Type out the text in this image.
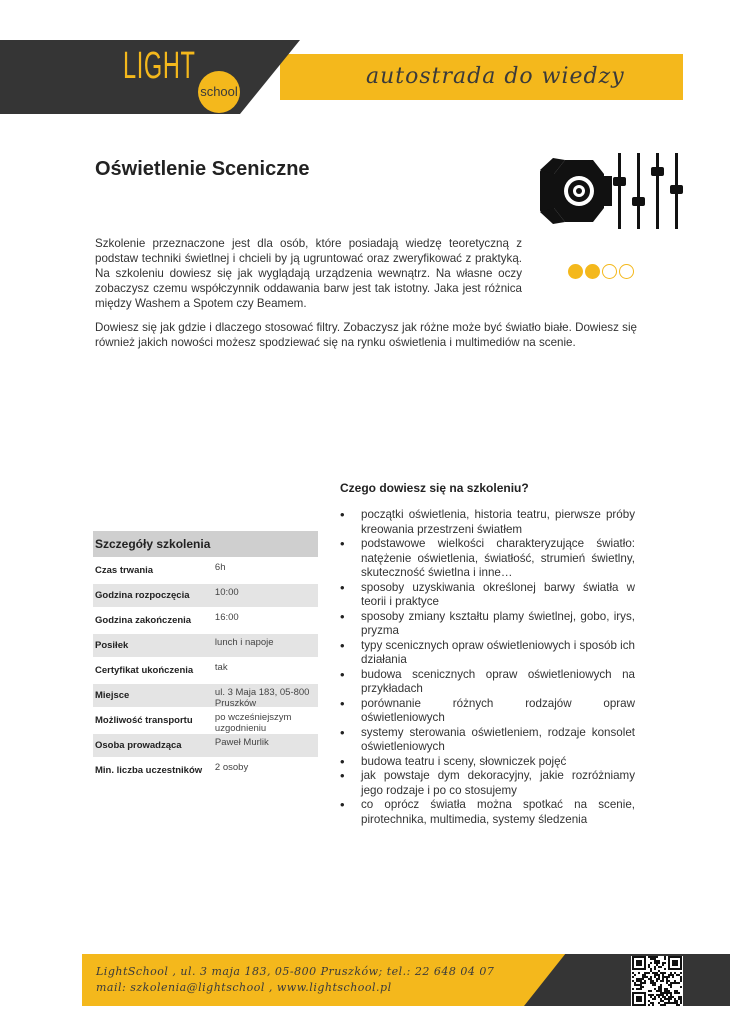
LIGHT
school
autostrada do wiedzy
Oświetlenie Sceniczne
Szkolenie przeznaczone jest dla osób, które posiadają wiedzę teoretyczną z podstaw techniki świetlnej i chcieli by ją ugruntować oraz zweryfikować z praktyką. Na szkoleniu dowiesz się jak wyglądają urządzenia wewnątrz. Na własne oczy zobaczysz czemu współczynnik oddawania barw jest tak istotny. Jaka jest różnica między Washem a Spotem czy Beamem.
Dowiesz się jak gdzie i dlaczego stosować filtry. Zobaczysz jak różne może być światło białe. Dowiesz się również jakich nowości możesz spodziewać się na rynku oświetlenia i multimediów na scenie.
Czego dowiesz się na szkoleniu?
• początki oświetlenia, historia teatru, pierwsze próby kreowania przestrzeni światłem
• podstawowe wielkości charakteryzujące światło: natężenie oświetlenia, światłość, strumień świetlny, skuteczność świetlna i inne…
• sposoby uzyskiwania określonej barwy światła w teorii i praktyce
• sposoby zmiany kształtu plamy świetlnej, gobo, irys, pryzma
• typy scenicznych opraw oświetleniowych i sposób ich działania
• budowa scenicznych opraw oświetleniowych na przykładach
• porównanie różnych rodzajów opraw oświetleniowych
• systemy sterowania oświetleniem, rodzaje konsolet oświetleniowych
• budowa teatru i sceny, słowniczek pojęć
• jak powstaje dym dekoracyjny, jakie rozróżniamy jego rodzaje i po co stosujemy
• co oprócz światła można spotkać na scenie, pirotechnika, multimedia, systemy śledzenia
Szczegóły szkolenia
Czas trwania	6h
Godzina rozpoczęcia	10:00
Godzina zakończenia	16:00
Posiłek	lunch i napoje
Certyfikat ukończenia	tak
Miejsce	ul. 3 Maja 183, 05-800 Pruszków
Możliwość transportu	po wcześniejszym uzgodnieniu
Osoba prowadząca	Paweł Murlik
Min. liczba uczestników	2 osoby
LightSchool , ul. 3 maja 183, 05-800 Pruszków; tel.: 22 648 04 07
mail: szkolenia@lightschool , www.lightschool.pl
